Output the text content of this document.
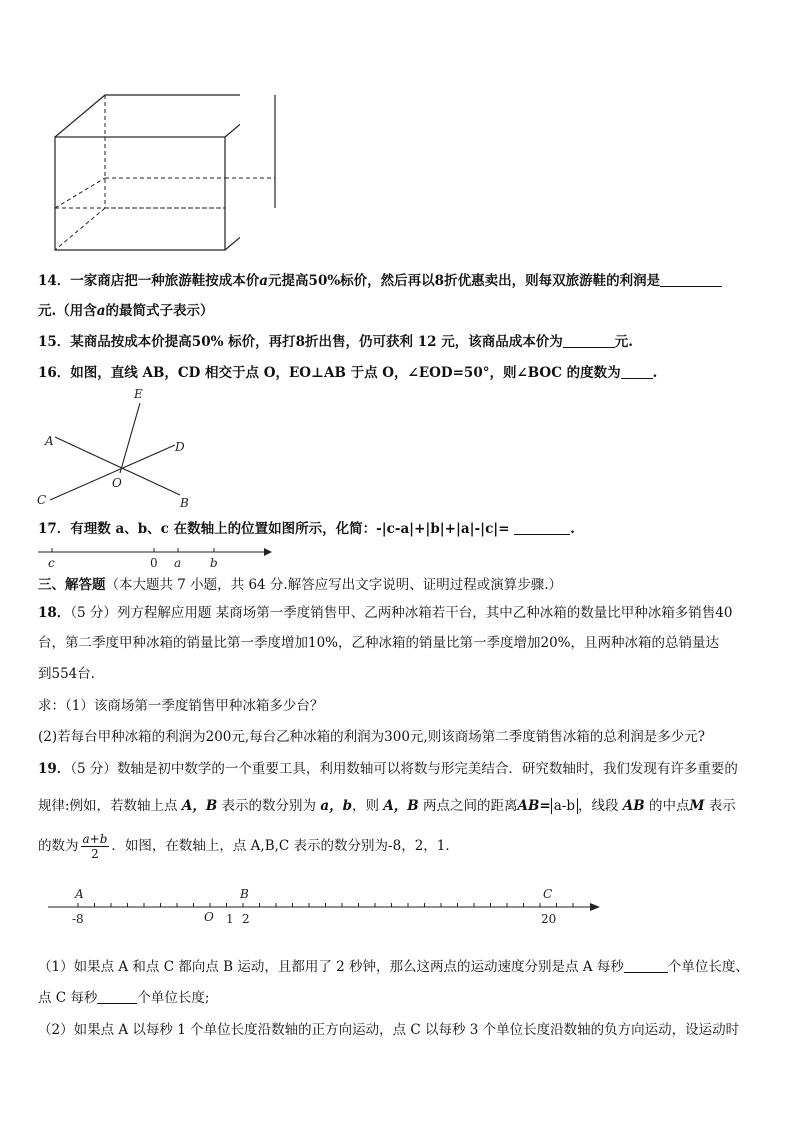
14．一家商店把一种旅游鞋按成本价a元提高50%标价，然后再以8折优惠卖出，则每双旅游鞋的利润是
元.（用含a的最简式子表示）
15．某商品按成本价提高50% 标价，再打8折出售，仍可获利 12 元，该商品成本价为	元.
16．如图，直线 AB，CD 相交于点 O，EO⊥AB 于点 O，∠EOD=50°，则∠BOC 的度数为 .
E
A	D
O
C	B
17．有理数 a、b、c 在数轴上的位置如图所示，化简：-|c-a|+|b|+|a|-|c|=	.
c	0 a b
三、解答题（本大题共 7 小题，共 64 分.解答应写出文字说明、证明过程或演算步骤.）
18．（5 分）列方程解应用题 某商场第一季度销售甲、乙两种冰箱若干台，其中乙种冰箱的数量比甲种冰箱多销售40
台，第二季度甲种冰箱的销量比第一季度增加10%，乙种冰箱的销量比第一季度增加20%，且两种冰箱的总销量达
到554台．
求：（1）该商场第一季度销售甲种冰箱多少台？
(2)若每台甲种冰箱的利润为200元,每台乙种冰箱的利润为300元,则该商场第二季度销售冰箱的总利润是多少元?
19．（5 分）数轴是初中数学的一个重要工具，利用数轴可以将数与形完美结合．研究数轴时，我们发现有许多重要的
规律:例如，若数轴上点 A，B 表示的数分别为 a，b，则 A，B 两点之间的距离AB= a-b ，线段 AB 的中点M 表示
的数为 $\frac{a+b}{2}$ ．如图，在数轴上，点 A,B,C 表示的数分别为-8，2，1．
A	B	C
-8	O 1 2	20
（1）如果点 A 和点 C 都向点 B 运动，且都用了 2 秒钟，那么这两点的运动速度分别是点 A 每秒	个单位长度、
点 C 每秒	个单位长度;
（2）如果点 A 以每秒 1 个单位长度沿数轴的正方向运动，点 C 以每秒 3 个单位长度沿数轴的负方向运动，设运动时
